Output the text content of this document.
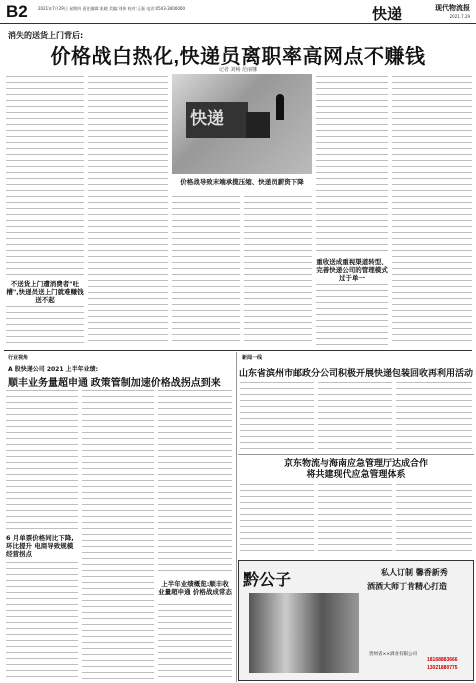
B2	2021年7月29日 星期四 责任编辑:张晓 美编:刘伟 校对:王磊 电话:0543-3000000	快递	现代物流报
2021.7.29
消失的送货上门背后:
价格战白热化,快递员离职率高网点不赚钱
记者 刘畅 范丽娜
快递
价格战导致末端承揽压缩、快递员薪资下降
不送货上门遭消费者"吐槽",快递员送上门就难赚钱送不起
重收送成重视渠道转型、完善快递公司的管理模式过于单一
行业视角
A 股快递公司 2021 上半年业绩:
顺丰业务量超申通 政策管制加速价格战拐点到来
6 月单票价格同比下降,环比提升 电商导致规模经营拐点
上半年业绩概览:顺丰收业量超申通 价格战成常态
新闻一线
山东省滨州市邮政分公司积极开展快递包装回收再利用活动
京东物流与海南应急管理厅达成合作
将共建现代应急管理体系
黔公子	私人订制 馨香新秀
酒酒大师丁肯精心打造
贵州省××酒业有限公司
18168883666
13021880775
